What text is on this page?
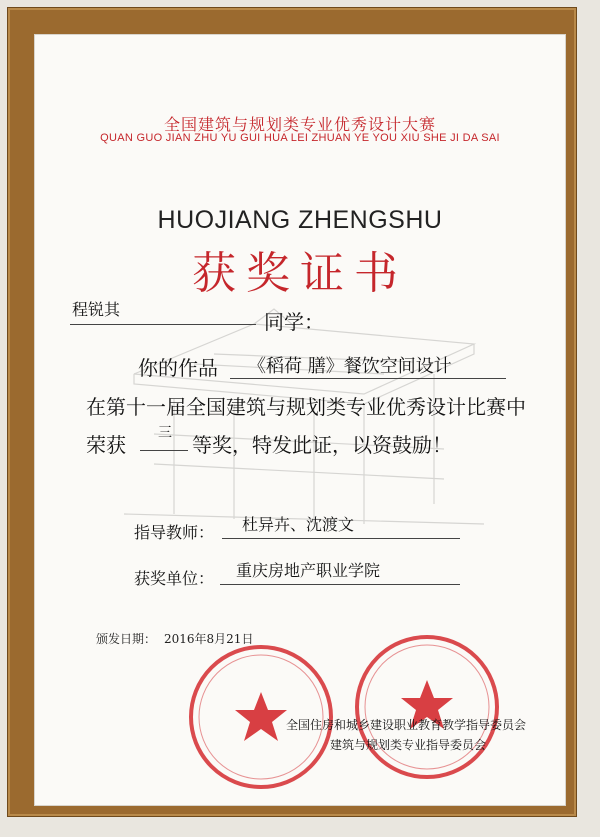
全国建筑与规划类专业优秀设计大赛
QUAN GUO JIAN ZHU YU GUI HUA LEI ZHUAN YE YOU XIU SHE JI DA SAI
HUOJIANG ZHENGSHU
获奖证书
程锐其
同学：
你的作品 《稻荷 膳》餐饮空间设计
在第十一届全国建筑与规划类专业优秀设计比赛中
荣获 三 等奖，特发此证，以资鼓励！
指导教师： 杜异卉、沈渡文
获奖单位： 重庆房地产职业学院
颁发日期： 2016年8月21日
全国住房和城乡建设职业教育教学指导委员会
建筑与规划类专业指导委员会
